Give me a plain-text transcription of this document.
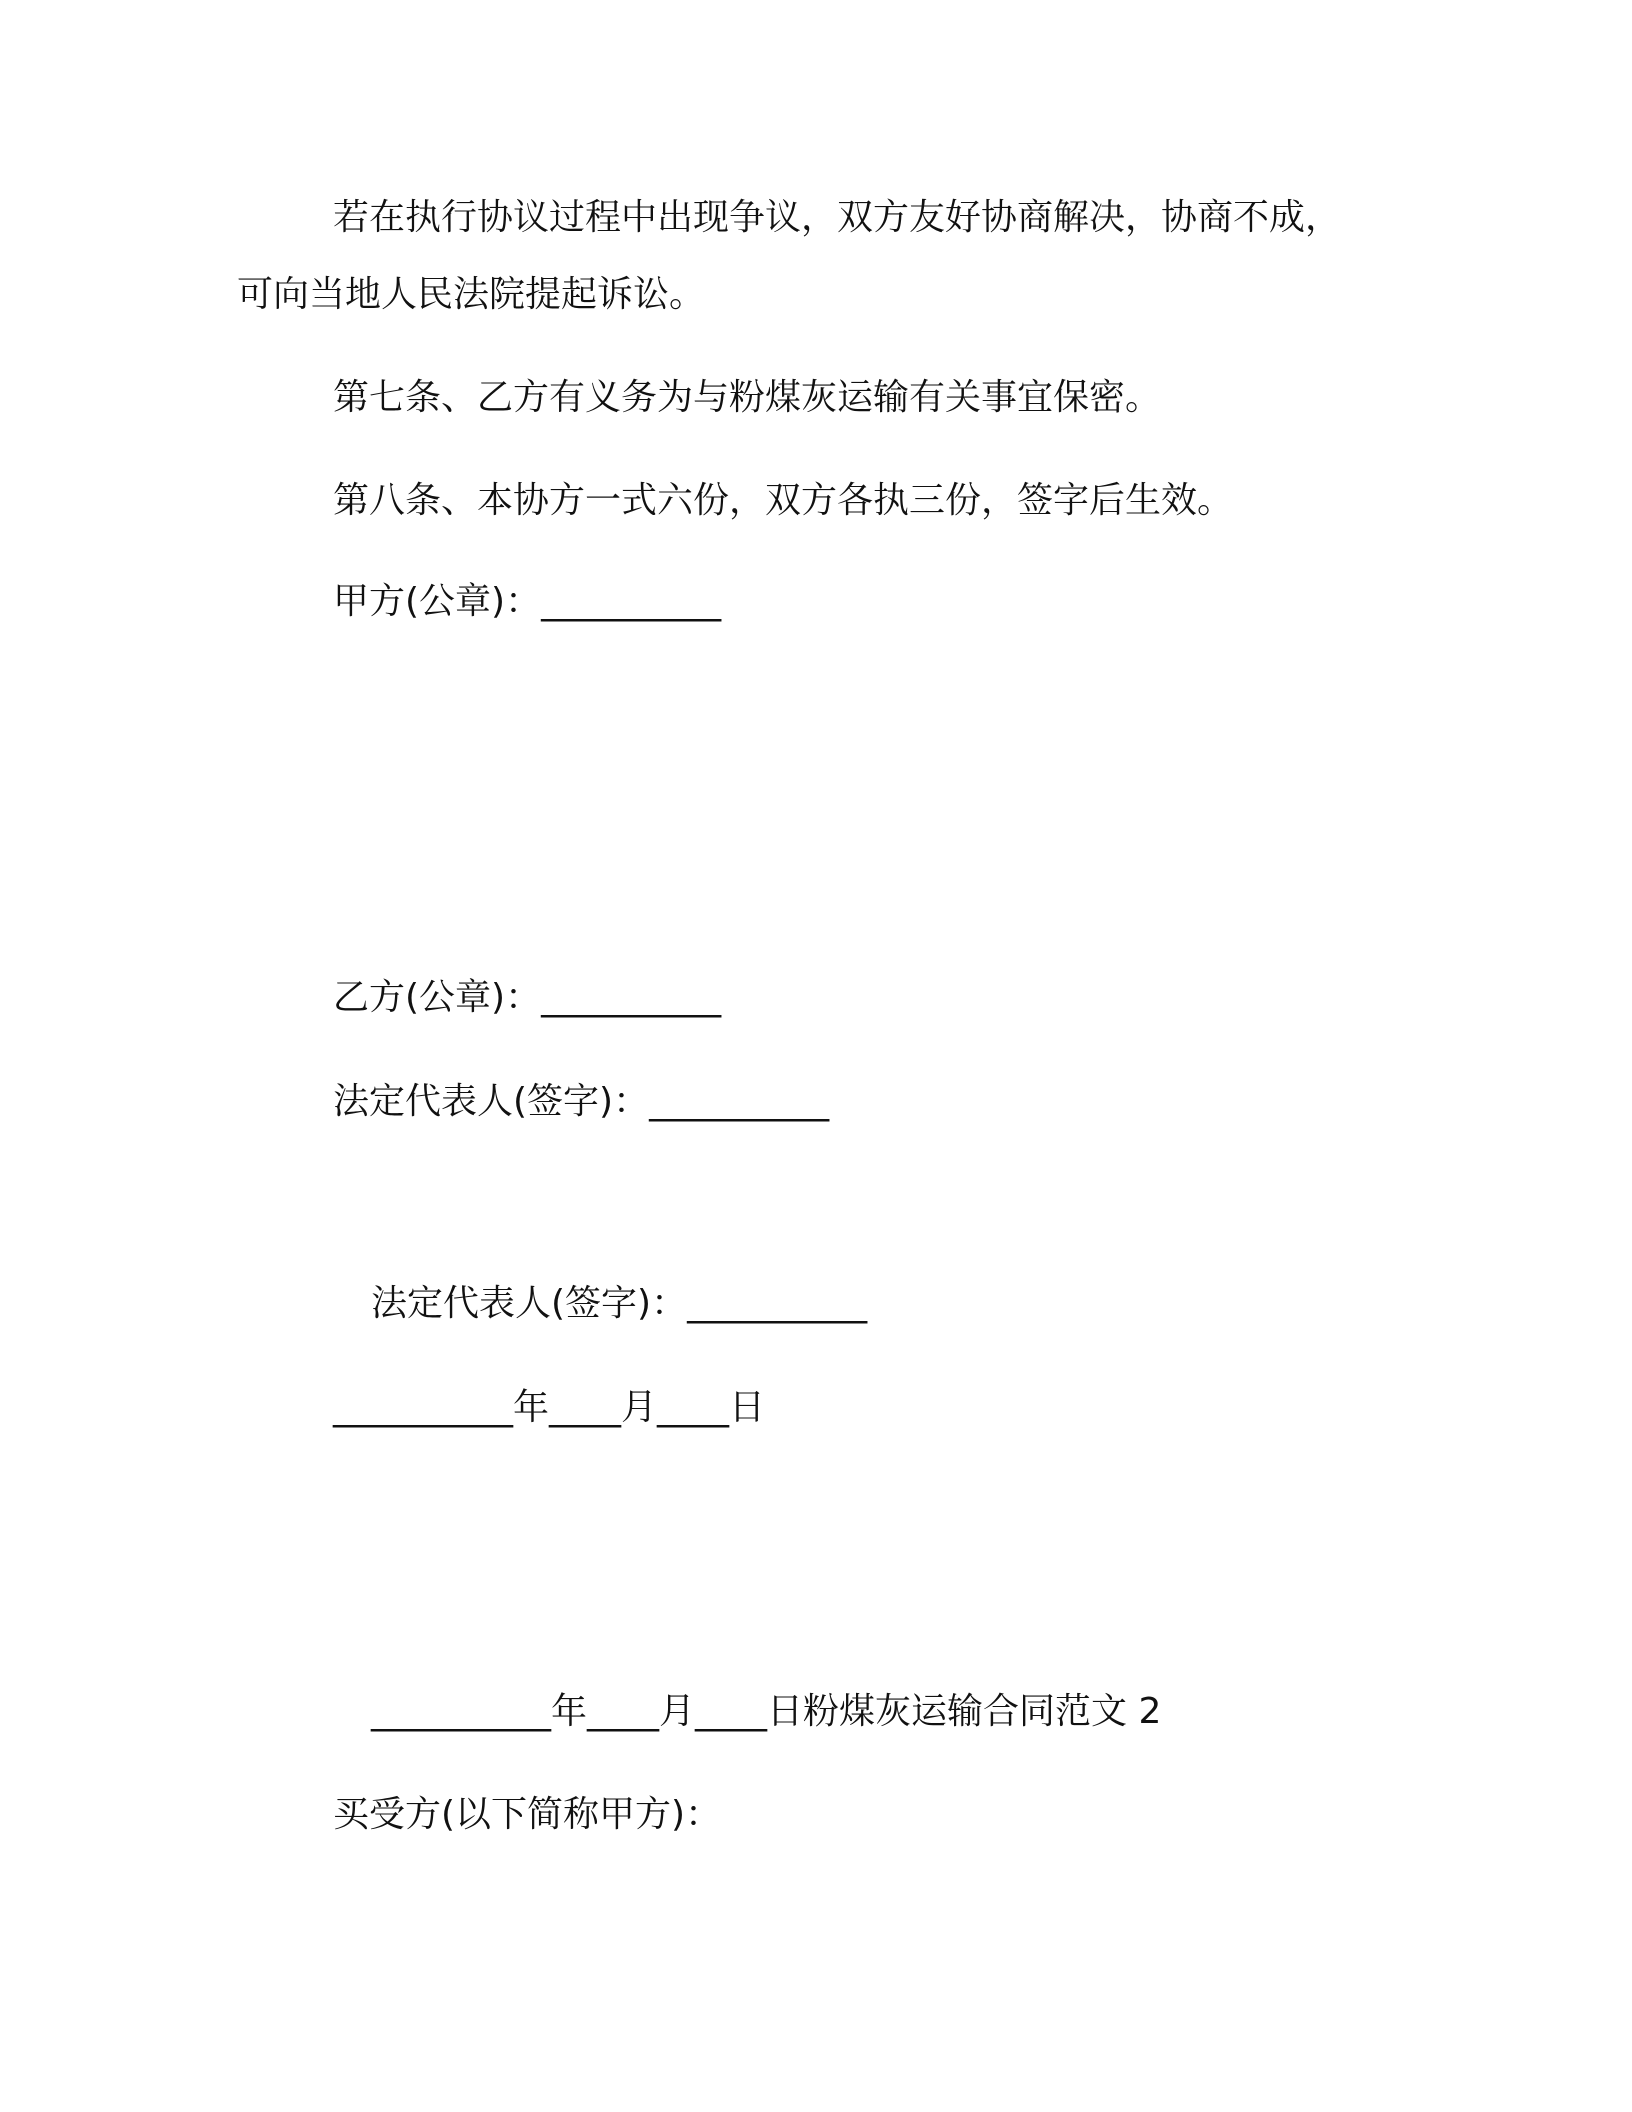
若在执行协议过程中出现争议，双方友好协商解决，协商不成，
可向当地人民法院提起诉讼。
第七条、乙方有义务为与粉煤灰运输有关事宜保密。
第八条、本协方一式六份，双方各执三份，签字后生效。
甲方(公章)：__________
乙方(公章)：__________
法定代表人(签字)：__________
法定代表人(签字)：__________
__________年____月____日
__________年____月____日粉煤灰运输合同范文 2
买受方(以下简称甲方)：
